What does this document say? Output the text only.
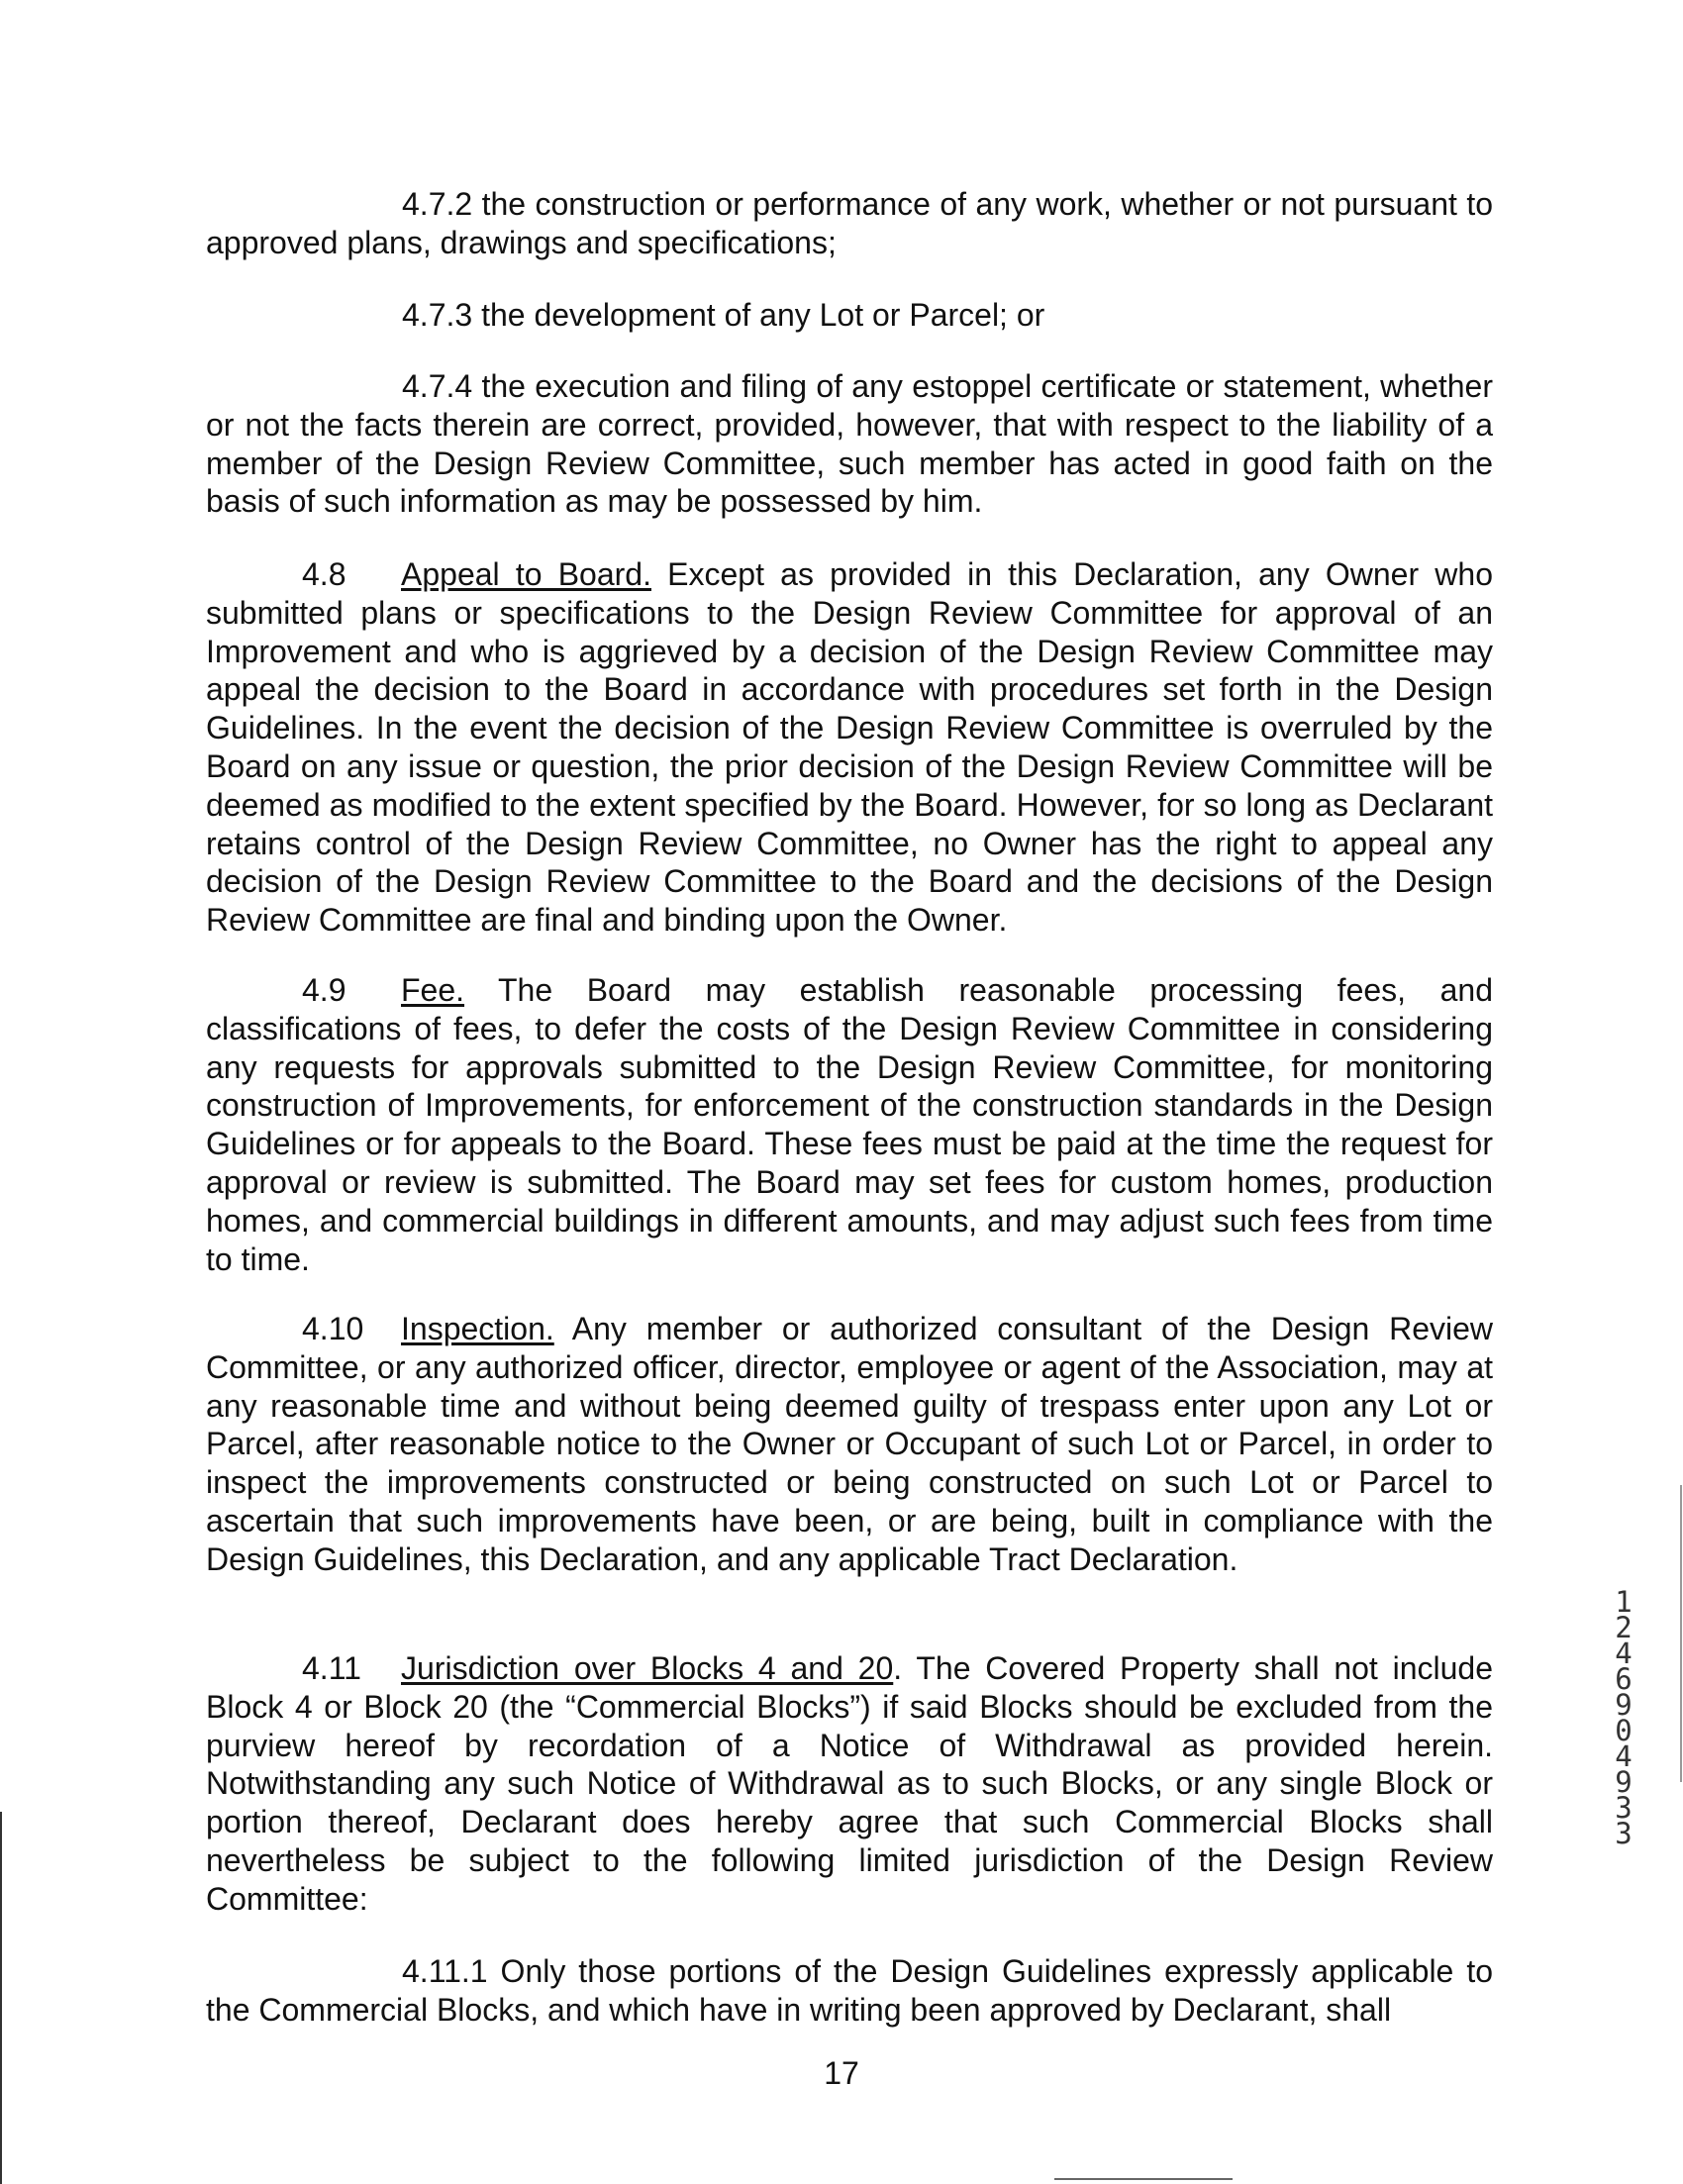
4.7.2 the construction or performance of any work, whether or not pursuant to approved plans, drawings and specifications;

4.7.3 the development of any Lot or Parcel; or

4.7.4 the execution and filing of any estoppel certificate or statement, whether or not the facts therein are correct, provided, however, that with respect to the liability of a member of the Design Review Committee, such member has acted in good faith on the basis of such information as may be possessed by him.

4.8 Appeal to Board. Except as provided in this Declaration, any Owner who submitted plans or specifications to the Design Review Committee for approval of an Improvement and who is aggrieved by a decision of the Design Review Committee may appeal the decision to the Board in accordance with procedures set forth in the Design Guidelines. In the event the decision of the Design Review Committee is overruled by the Board on any issue or question, the prior decision of the Design Review Committee will be deemed as modified to the extent specified by the Board. However, for so long as Declarant retains control of the Design Review Committee, no Owner has the right to appeal any decision of the Design Review Committee to the Board and the decisions of the Design Review Committee are final and binding upon the Owner.

4.9 Fee. The Board may establish reasonable processing fees, and classifications of fees, to defer the costs of the Design Review Committee in considering any requests for approvals submitted to the Design Review Committee, for monitoring construction of Improvements, for enforcement of the construction standards in the Design Guidelines or for appeals to the Board. These fees must be paid at the time the request for approval or review is submitted. The Board may set fees for custom homes, production homes, and commercial buildings in different amounts, and may adjust such fees from time to time.

4.10 Inspection. Any member or authorized consultant of the Design Review Committee, or any authorized officer, director, employee or agent of the Association, may at any reasonable time and without being deemed guilty of trespass enter upon any Lot or Parcel, after reasonable notice to the Owner or Occupant of such Lot or Parcel, in order to inspect the improvements constructed or being constructed on such Lot or Parcel to ascertain that such improvements have been, or are being, built in compliance with the Design Guidelines, this Declaration, and any applicable Tract Declaration.

4.11 Jurisdiction over Blocks 4 and 20. The Covered Property shall not include Block 4 or Block 20 (the “Commercial Blocks”) if said Blocks should be excluded from the purview hereof by recordation of a Notice of Withdrawal as provided herein. Notwithstanding any such Notice of Withdrawal as to such Blocks, or any single Block or portion thereof, Declarant does hereby agree that such Commercial Blocks shall nevertheless be subject to the following limited jurisdiction of the Design Review Committee:

4.11.1 Only those portions of the Design Guidelines expressly applicable to the Commercial Blocks, and which have in writing been approved by Declarant, shall

17
1
2
4
6
9
0
4
9
3
3
